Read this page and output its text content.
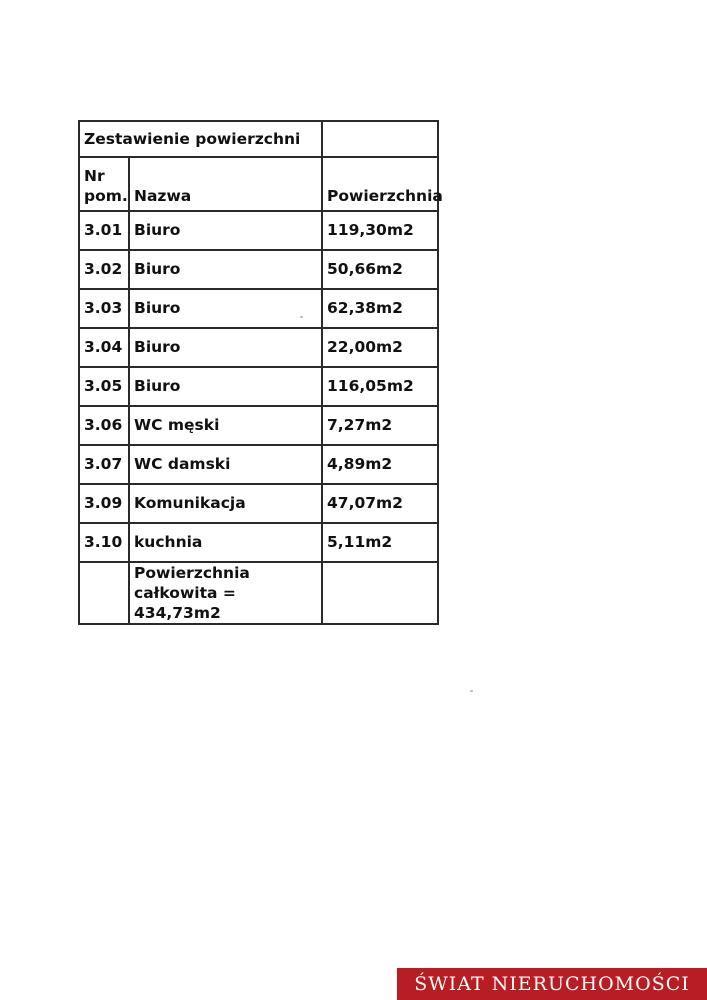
Zestawienie powierzchni		

Nr
pom.	Nazwa	Powierzchnia
3.01	Biuro	119,30m2
3.02	Biuro	50,66m2
3.03	Biuro	62,38m2
3.04	Biuro	22,00m2
3.05	Biuro	116,05m2
3.06	WC męski	7,27m2
3.07	WC damski	4,89m2
3.09	Komunikacja	47,07m2
3.10	kuchnia	5,11m2

	Powierzchnia
całkowita = 434,73m2	

ŚWIAT NIERUCHOMOŚCI
